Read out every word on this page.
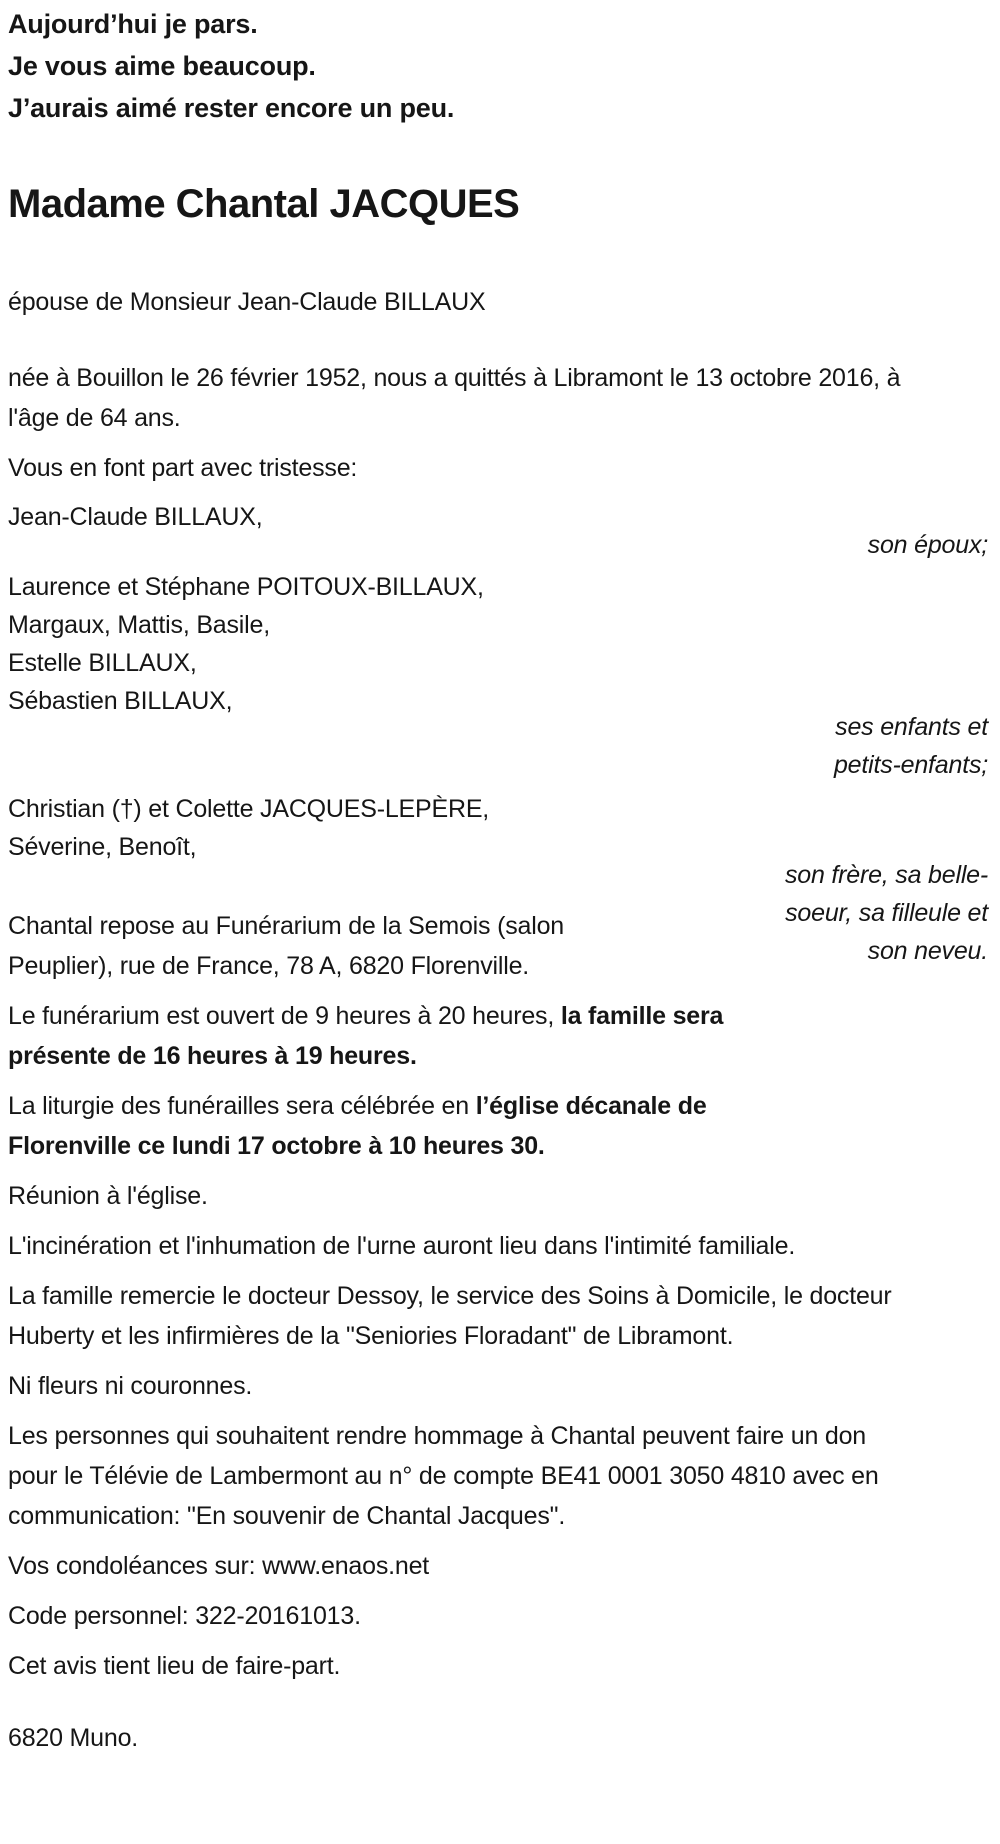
Aujourd’hui je pars.

Je vous aime beaucoup.

J’aurais aimé rester encore un peu.

Madame Chantal JACQUES

épouse de Monsieur Jean-Claude BILLAUX

née à Bouillon le 26 février 1952, nous a quittés à Libramont le 13 octobre 2016, à l'âge de 64 ans.

Vous en font part avec tristesse:

Jean-Claude BILLAUX,

son époux;

Laurence et Stéphane POITOUX-BILLAUX,

Margaux, Mattis, Basile,

Estelle BILLAUX,

Sébastien BILLAUX,

ses enfants et petits-enfants;

Christian (†) et Colette JACQUES-LEPÈRE,

Séverine, Benoît,

son frère, sa belle-soeur, sa filleule et son neveu.

Chantal repose au Funérarium de la Semois (salon Peuplier), rue de France, 78 A, 6820 Florenville.

Le funérarium est ouvert de 9 heures à 20 heures, la famille sera présente de 16 heures à 19 heures.

La liturgie des funérailles sera célébrée en l’église décanale de Florenville ce lundi 17 octobre à 10 heures 30.

Réunion à l'église.

L'incinération et l'inhumation de l'urne auront lieu dans l'intimité familiale.

La famille remercie le docteur Dessoy, le service des Soins à Domicile, le docteur Huberty et les infirmières de la "Seniories Floradant" de Libramont.

Ni fleurs ni couronnes.

Les personnes qui souhaitent rendre hommage à Chantal peuvent faire un don pour le Télévie de Lambermont au n° de compte BE41 0001 3050 4810 avec en communication: "En souvenir de Chantal Jacques".

Vos condoléances sur: www.enaos.net

Code personnel: 322-20161013.

Cet avis tient lieu de faire-part.

6820 Muno.
